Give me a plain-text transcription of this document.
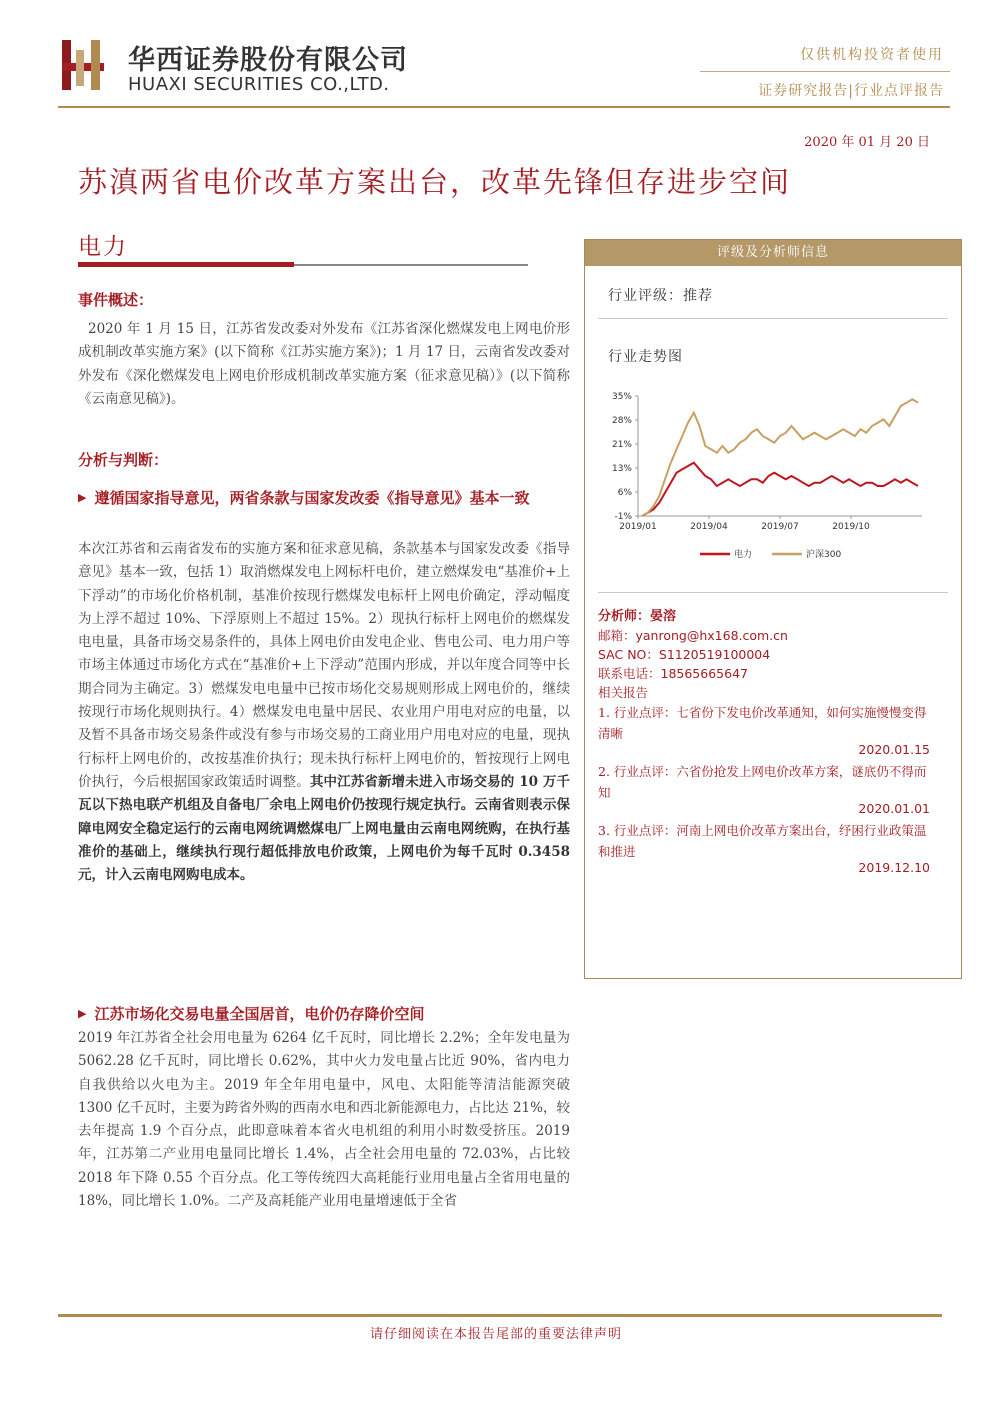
华西证券股份有限公司
HUAXI SECURITIES CO.,LTD.
仅供机构投资者使用
证券研究报告|行业点评报告
2020 年 01 月 20 日
苏滇两省电价改革方案出台，改革先锋但存进步空间
电力
事件概述：
2020 年 1 月 15 日，江苏省发改委对外发布《江苏省深化燃煤发电上网电价形成机制改革实施方案》(以下简称《江苏实施方案》)；1 月 17 日，云南省发改委对外发布《深化燃煤发电上网电价形成机制改革实施方案（征求意见稿）》(以下简称《云南意见稿》)。
分析与判断：
▶ 遵循国家指导意见，两省条款与国家发改委《指导意见》基本一致
本次江苏省和云南省发布的实施方案和征求意见稿，条款基本与国家发改委《指导意见》基本一致，包括 1）取消燃煤发电上网标杆电价，建立燃煤发电“基准价+上下浮动”的市场化价格机制，基准价按现行燃煤发电标杆上网电价确定，浮动幅度为上浮不超过 10%、下浮原则上不超过 15%。2）现执行标杆上网电价的燃煤发电电量，具备市场交易条件的，具体上网电价由发电企业、售电公司、电力用户等市场主体通过市场化方式在“基准价+上下浮动”范围内形成，并以年度合同等中长期合同为主确定。3）燃煤发电电量中已按市场化交易规则形成上网电价的，继续按现行市场化规则执行。4）燃煤发电电量中居民、农业用户用电对应的电量，以及暂不具备市场交易条件或没有参与市场交易的工商业用户用电对应的电量，现执行标杆上网电价的，改按基准价执行；现未执行标杆上网电价的，暂按现行上网电价执行，今后根据国家政策适时调整。其中江苏省新增未进入市场交易的 10 万千瓦以下热电联产机组及自备电厂余电上网电价仍按现行规定执行。云南省则表示保障电网安全稳定运行的云南电网统调燃煤电厂上网电量由云南电网统购，在执行基准价的基础上，继续执行现行超低排放电价政策，上网电价为每千瓦时 0.3458 元，计入云南电网购电成本。
▶ 江苏市场化交易电量全国居首，电价仍存降价空间
2019 年江苏省全社会用电量为 6264 亿千瓦时，同比增长 2.2%；全年发电量为 5062.28 亿千瓦时，同比增长 0.62%，其中火力发电量占比近 90%，省内电力自我供给以火电为主。2019 年全年用电量中，风电、太阳能等清洁能源突破 1300 亿千瓦时，主要为跨省外购的西南水电和西北新能源电力，占比达 21%，较去年提高 1.9 个百分点，此即意味着本省火电机组的利用小时数受挤压。2019 年，江苏第二产业用电量同比增长 1.4%，占全社会用电量的 72.03%，占比较 2018 年下降 0.55 个百分点。化工等传统四大高耗能行业用电量占全省用电量的 18%，同比增长 1.0%。二产及高耗能产业用电量增速低于全省
评级及分析师信息
行业评级：推荐
行业走势图
35%
28%
21%
13%
6%
-1%
2019/01	2019/04	2019/07	2019/10
电力	沪深300
分析师：晏溶
邮箱：yanrong@hx168.com.cn
SAC NO：S1120519100004
联系电话：18565665647
相关报告
1. 行业点评：七省份下发电价改革通知，如何实施慢慢变得清晰
2020.01.15
2. 行业点评：六省份抢发上网电价改革方案，谜底仍不得而知
2020.01.01
3. 行业点评：河南上网电价改革方案出台，纾困行业政策温和推进
2019.12.10
请仔细阅读在本报告尾部的重要法律声明
